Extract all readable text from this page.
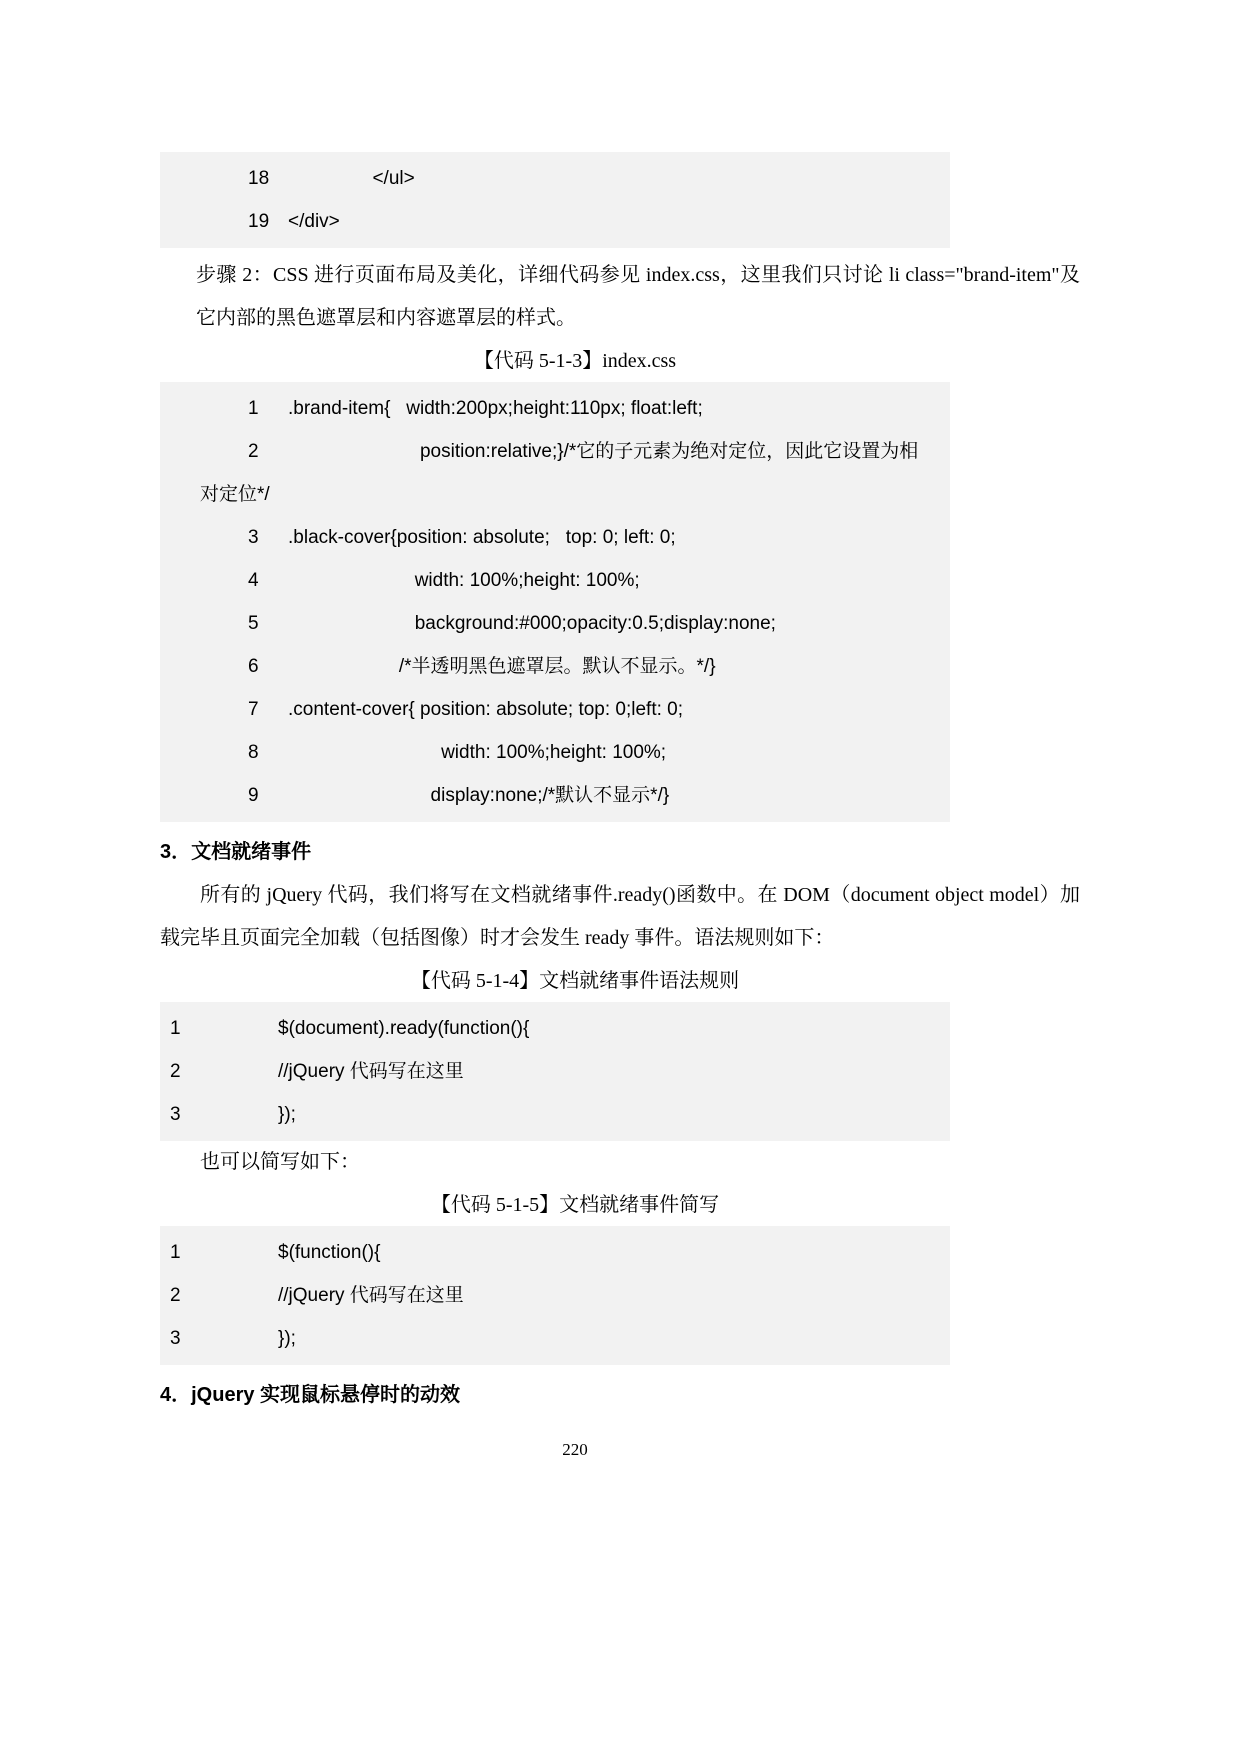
18 </ul>
19 </div>
步骤 2：CSS 进行页面布局及美化，详细代码参见 index.css，这里我们只讨论 li class="brand-item"及它内部的黑色遮罩层和内容遮罩层的样式。
【代码 5-1-3】index.css
1	.brand-item{   width:200px;height:110px; float:left;
2	position:relative;}/*它的子元素为绝对定位，因此它设置为相
对定位*/
3	.black-cover{position: absolute;   top: 0; left: 0;
4	width: 100%;height: 100%;
5	background:#000;opacity:0.5;display:none;
6	/*半透明黑色遮罩层。默认不显示。*/}
7	.content-cover{ position: absolute; top: 0;left: 0;
8	width: 100%;height: 100%;
9	display:none;/*默认不显示*/}
3．文档就绪事件
所有的 jQuery 代码，我们将写在文档就绪事件.ready()函数中。在 DOM（document object model）加载完毕且页面完全加载（包括图像）时才会发生 ready 事件。语法规则如下：
【代码 5-1-4】文档就绪事件语法规则
1	$(document).ready(function(){
2	//jQuery 代码写在这里
3	});
也可以简写如下：
【代码 5-1-5】文档就绪事件简写
1	$(function(){
2	//jQuery 代码写在这里
3	});
4．jQuery 实现鼠标悬停时的动效
220
